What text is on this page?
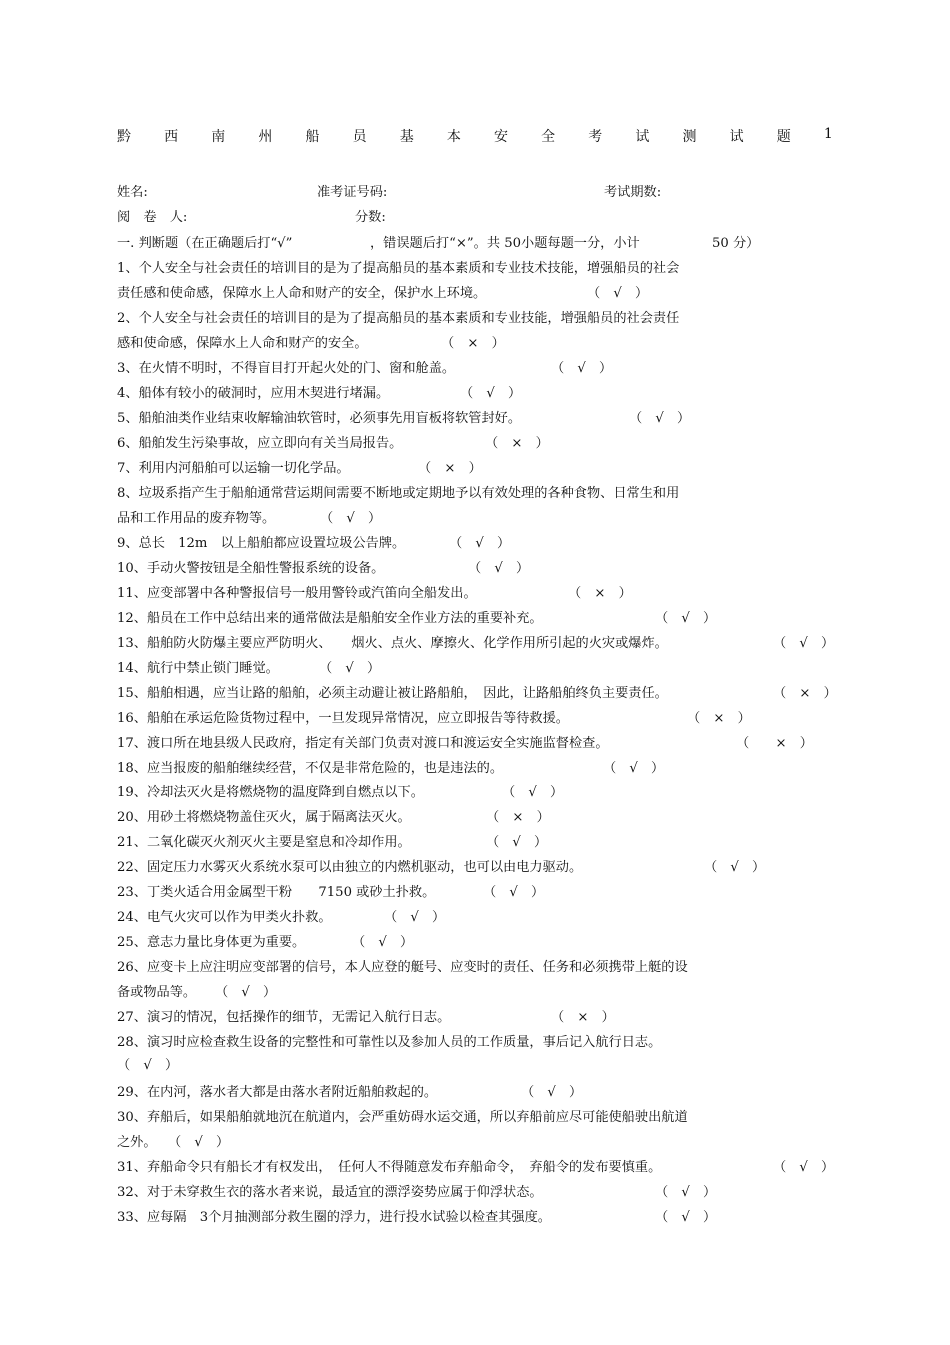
黔 西 南 州 船 员 基 本 安 全 考 试 测 试 题 1
姓名:	准考证号码:	考试期数:
阅　卷　人:	分数:
一. 判断题（在正确题后打“√”	，错误题后打“×”。共 50小题每题一分，小计	50 分）
1、个人安全与社会责任的培训目的是为了提高船员的基本素质和专业技术技能，增强船员的社会
责任感和使命感，保障水上人命和财产的安全，保护水上环境。	（　√　）
2、个人安全与社会责任的培训目的是为了提高船员的基本素质和专业技能，增强船员的社会责任
感和使命感，保障水上人命和财产的安全。	（　×　）
3、在火情不明时，不得盲目打开起火处的门、窗和舱盖。	（　√　）
4、船体有较小的破洞时，应用木契进行堵漏。	（　√　）
5、船舶油类作业结束收解输油软管时，必须事先用盲板将软管封好。	（　√　）
6、船舶发生污染事故，应立即向有关当局报告。	（　×　）
7、利用内河船舶可以运输一切化学品。	（　×　）
8、垃圾系指产生于船舶通常营运期间需要不断地或定期地予以有效处理的各种食物、日常生和用
品和工作用品的废弃物等。	（　√　）
9、总长　12m　以上船舶都应设置垃圾公告牌。	（　√　）
10、手动火警按钮是全船性警报系统的设备。	（　√　）
11、应变部署中各种警报信号一般用警铃或汽笛向全船发出。	（　×　）
12、船员在工作中总结出来的通常做法是船舶安全作业方法的重要补充。	（　√　）
13、船舶防火防爆主要应严防明火、　　烟火、点火、摩擦火、化学作用所引起的火灾或爆炸。	（　√　）
14、航行中禁止锁门睡觉。	（　√　）
15、船舶相遇，应当让路的船舶，必须主动避让被让路船舶，　因此，让路船舶终负主要责任。	（　×　）
16、船舶在承运危险货物过程中，一旦发现异常情况，应立即报告等待救援。	（　×　）
17、渡口所在地县级人民政府，指定有关部门负责对渡口和渡运安全实施监督检查。	（　　×　）
18、应当报废的船舶继续经营，不仅是非常危险的，也是违法的。	（　√　）
19、冷却法灭火是将燃烧物的温度降到自燃点以下。	（　√　）
20、用砂土将燃烧物盖住灭火，属于隔离法灭火。	（　×　）
21、二氧化碳灭火剂灭火主要是窒息和冷却作用。	（　√　）
22、固定压力水雾灭火系统水泵可以由独立的内燃机驱动，也可以由电力驱动。	（　√　）
23、丁类火适合用金属型干粉　　7150 或砂土扑救。	（　√　）
24、电气火灾可以作为甲类火扑救。	（　√　）
25、意志力量比身体更为重要。	（　√　）
26、应变卡上应注明应变部署的信号，本人应登的艇号、应变时的责任、任务和必须携带上艇的设
备或物品等。 （　√　）
27、演习的情况，包括操作的细节，无需记入航行日志。	（　×　）
28、演习时应检查救生设备的完整性和可靠性以及参加人员的工作质量，事后记入航行日志。
（　√　）
29、在内河，落水者大都是由落水者附近船舶救起的。	（　√　）
30、弃船后，如果船舶就地沉在航道内，会严重妨碍水运交通，所以弃船前应尽可能使船驶出航道
之外。 （　√　）
31、弃船命令只有船长才有权发出，　任何人不得随意发布弃船命令，　弃船令的发布要慎重。	（　√　）
32、对于未穿救生衣的落水者来说，最适宜的漂浮姿势应属于仰浮状态。	（　√　）
33、应每隔　3个月抽测部分救生圈的浮力，进行投水试验以检查其强度。	（　√　）
